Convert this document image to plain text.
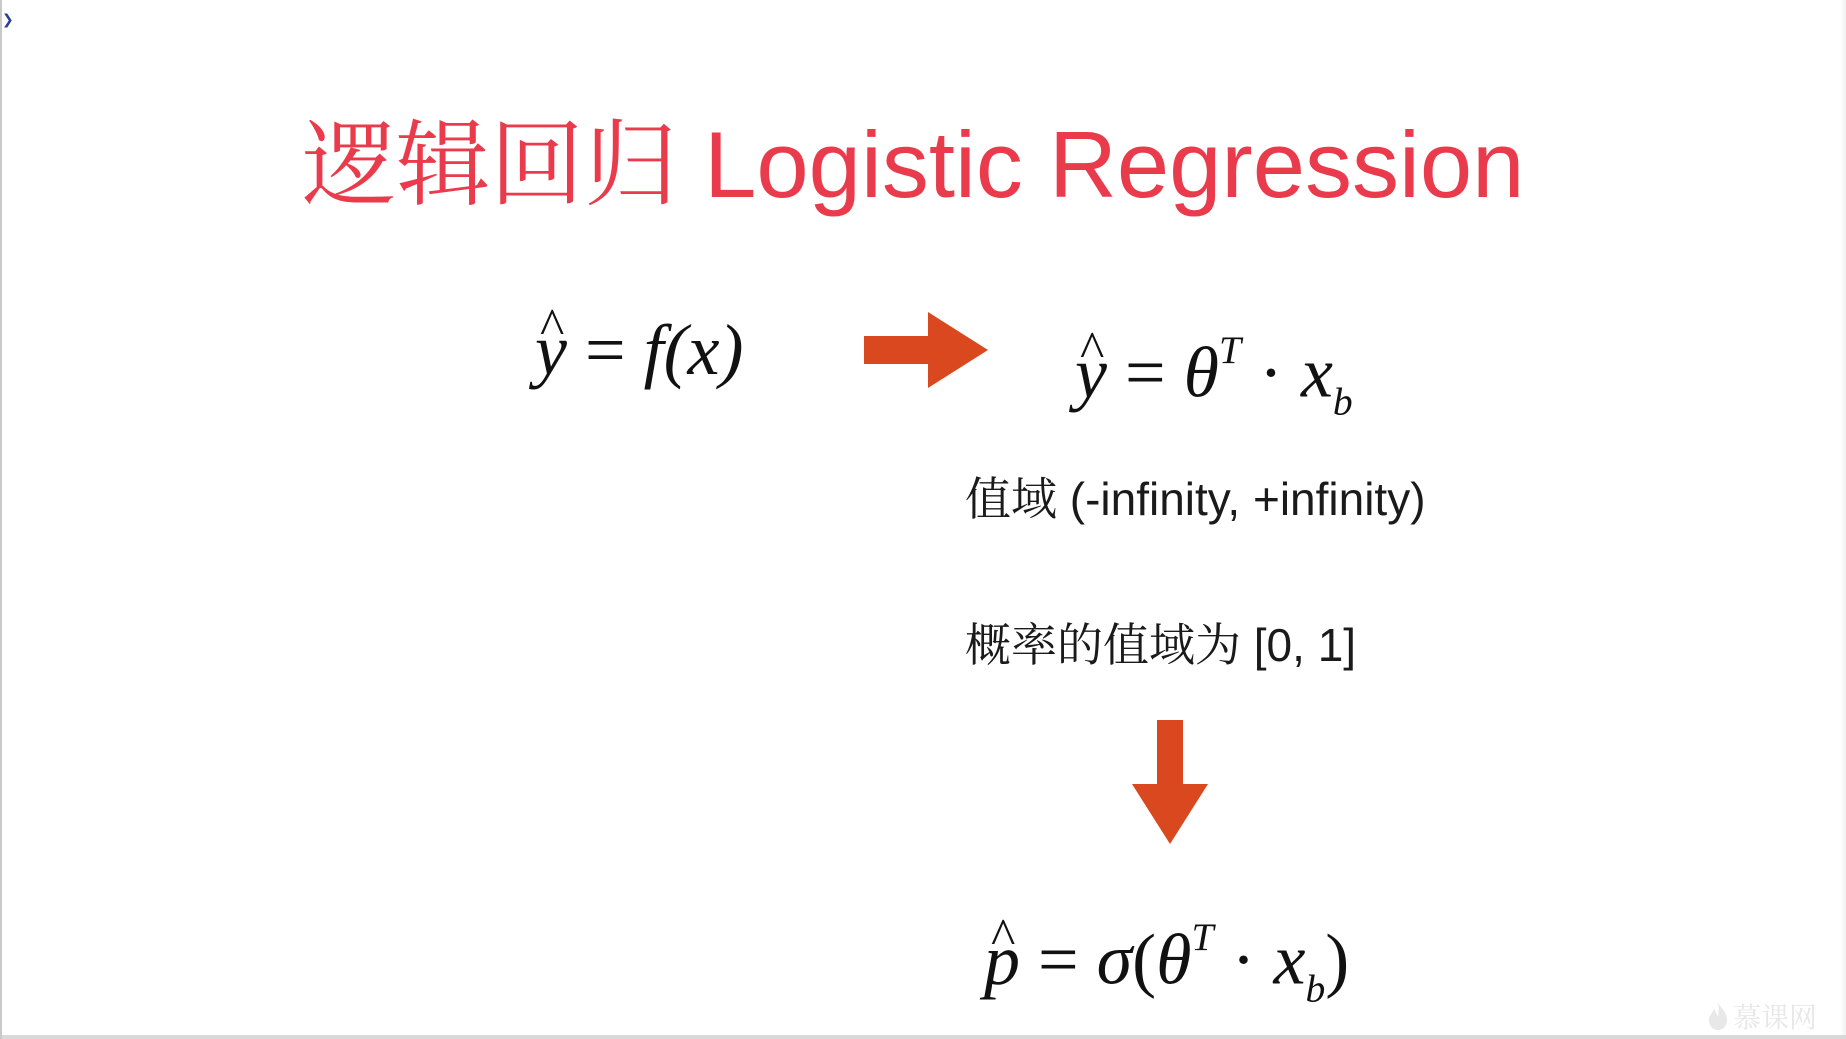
❯
逻辑回归 Logistic Regression
^ y = f(x)
^	$y = \theta^T \cdot x_b$
值域 (-infinity, +infinity)
概率的值域为 [0, 1]
^ $p = \sigma(\theta^T \cdot x_b)$
慕课网
